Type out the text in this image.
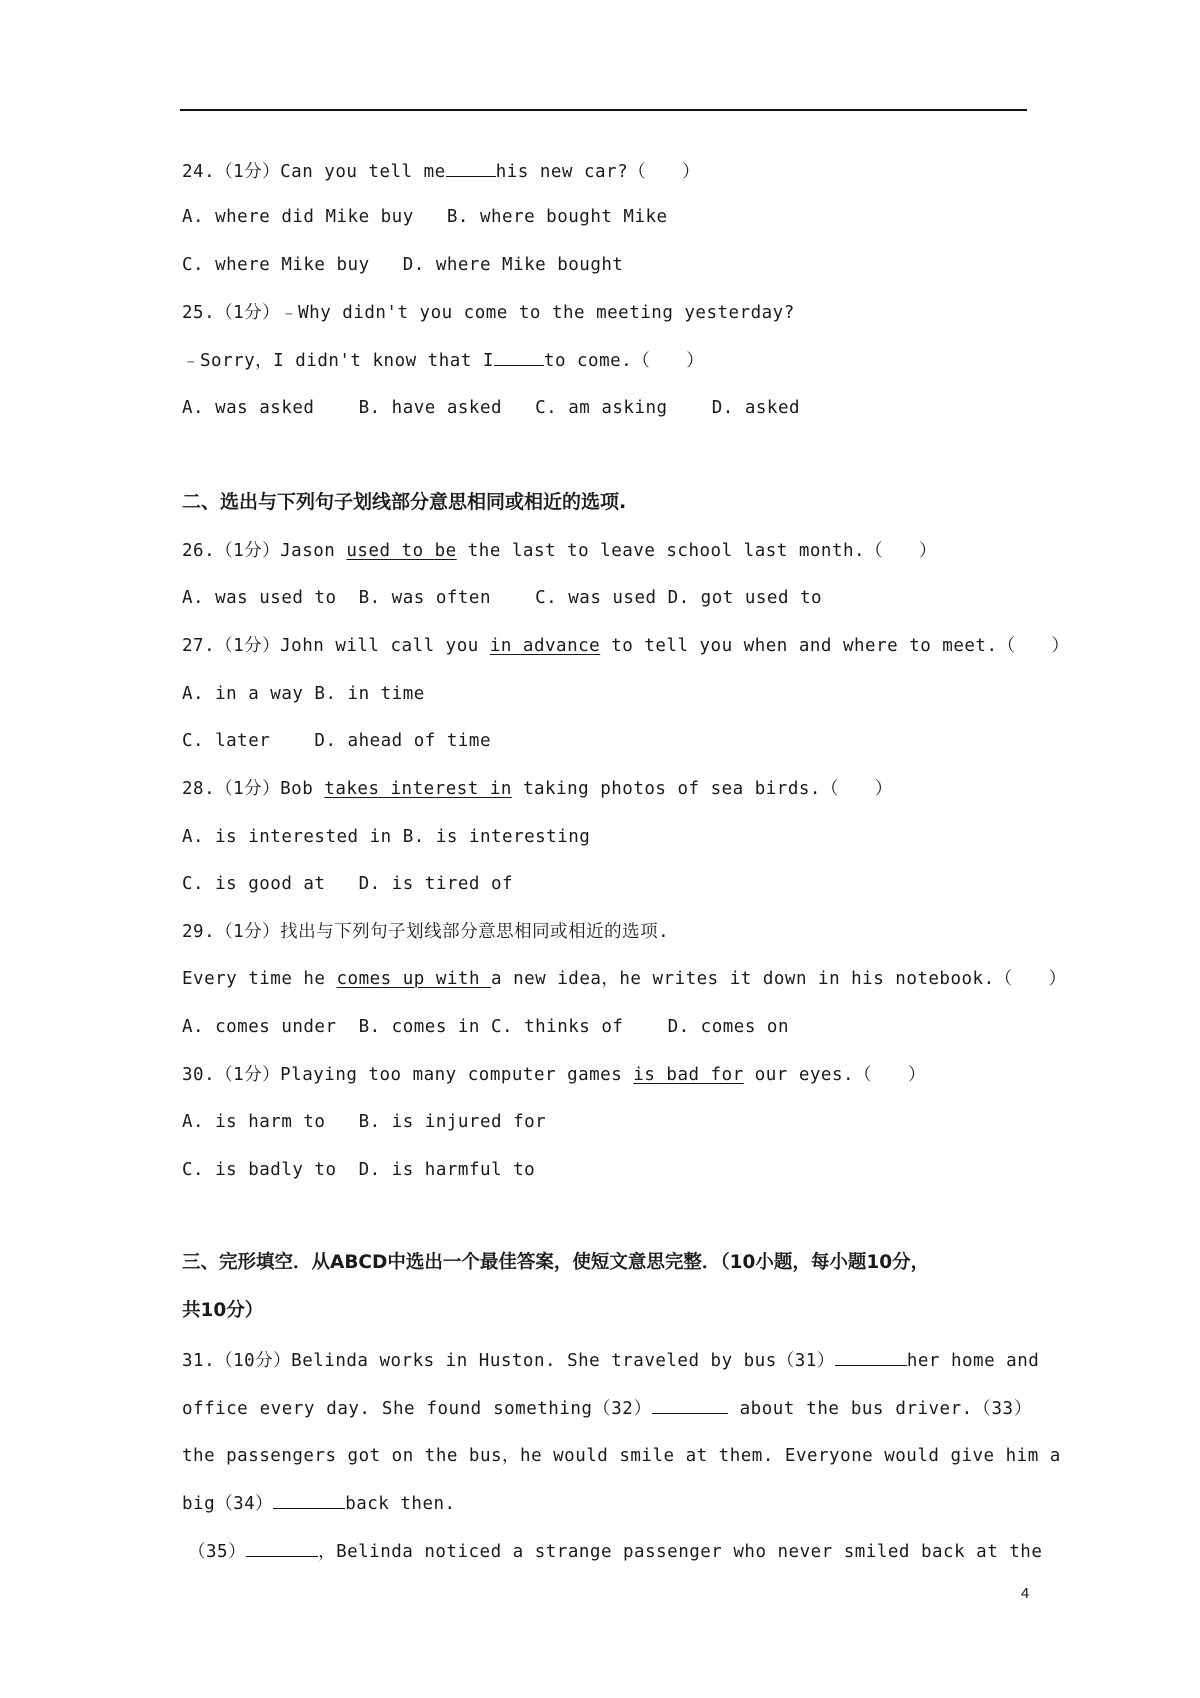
24.（1分）Can you tell me	his new car?（　　）
A. where did Mike buy   B. where bought Mike
C. where Mike buy   D. where Mike bought
25.（1分）﹣Why didn't you come to the meeting yesterday?
﹣Sorry，I didn't know that I	to come.（　　）
A. was asked    B. have asked   C. am asking    D. asked
二、选出与下列句子划线部分意思相同或相近的选项.
26.（1分）Jason used to be the last to leave school last month.（　　）
A. was used to  B. was often    C. was used D. got used to
27.（1分）John will call you in advance to tell you when and where to meet.（　　）
A. in a way B. in time
C. later    D. ahead of time
28.（1分）Bob takes interest in taking photos of sea birds.（　　）
A. is interested in B. is interesting
C. is good at   D. is tired of
29.（1分）找出与下列句子划线部分意思相同或相近的选项.
Every time he comes up with a new idea，he writes it down in his notebook.（　　）
A. comes under  B. comes in C. thinks of    D. comes on
30.（1分）Playing too many computer games is bad for our eyes.（　　）
A. is harm to   B. is injured for
C. is badly to  D. is harmful to
三、完形填空．从ABCD中选出一个最佳答案，使短文意思完整．（10小题，每小题10分，
共10分）
31.（10分）Belinda works in Huston. She traveled by bus（31）	her home and
office every day. She found something（32）	about the bus driver.（33）
the passengers got on the bus，he would smile at them. Everyone would give him a
big（34）	back then.
（35）	，Belinda noticed a strange passenger who never smiled back at the
4
